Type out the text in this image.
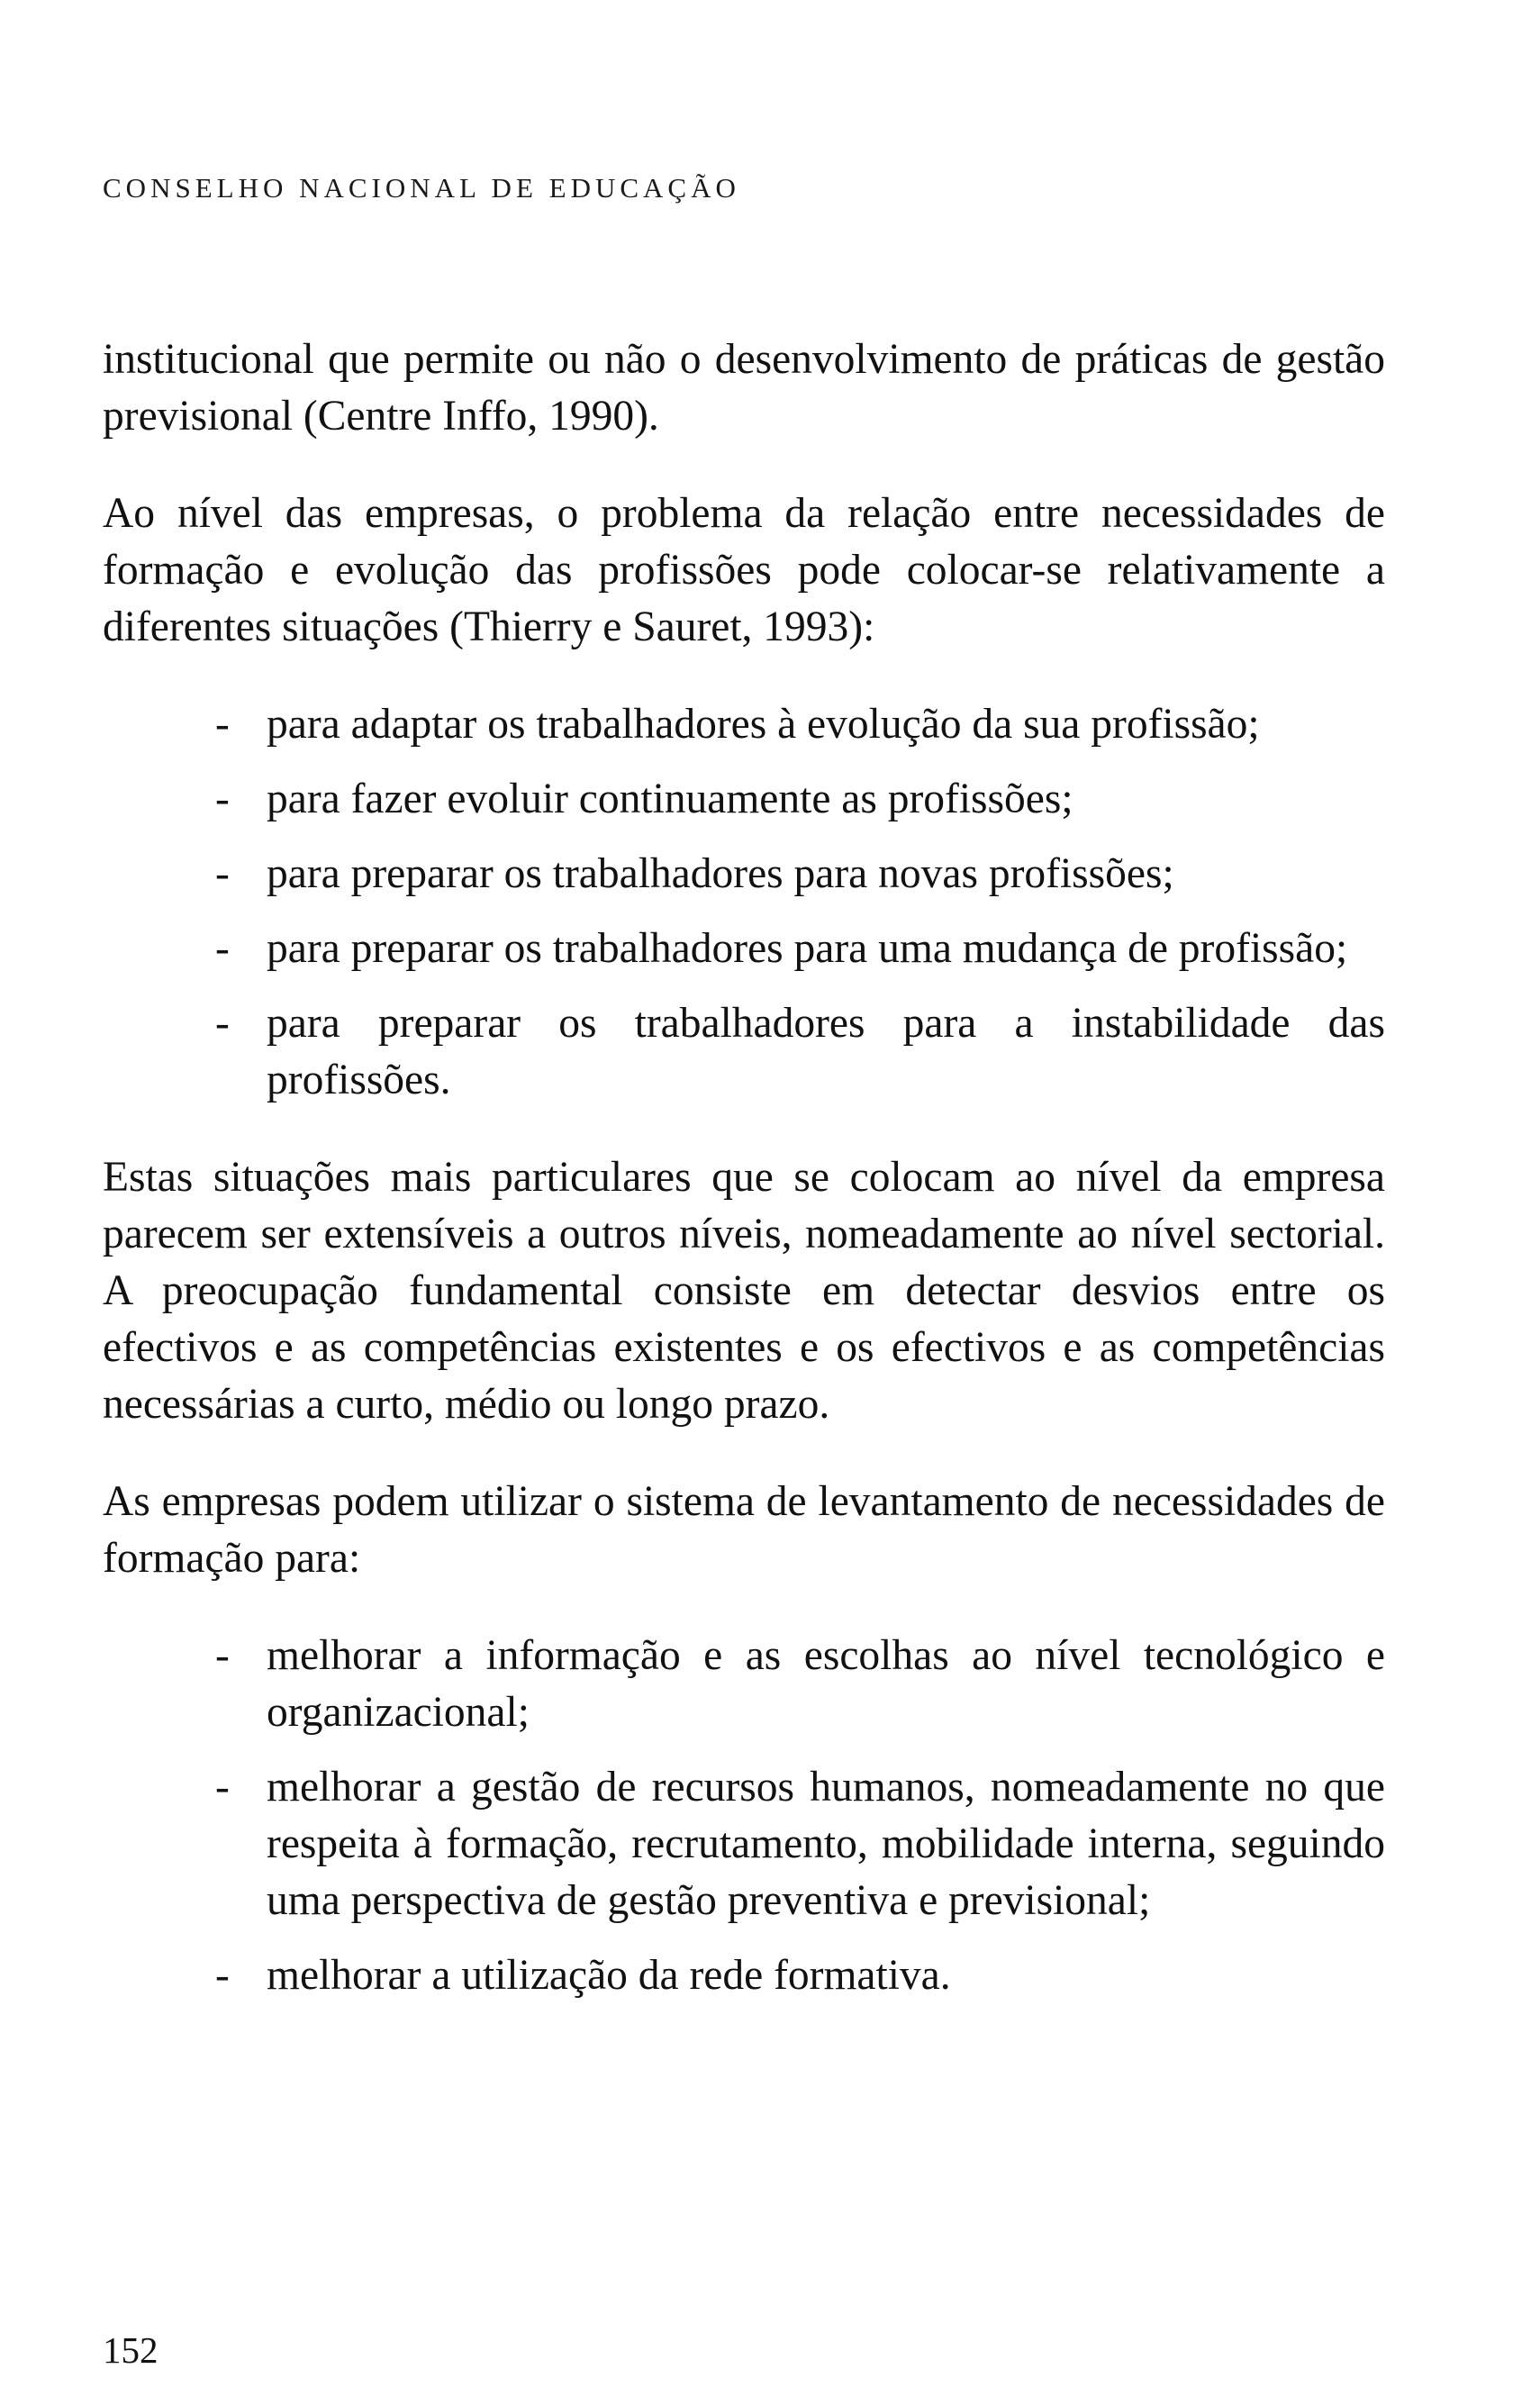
CONSELHO NACIONAL DE EDUCAÇÃO

institucional que permite ou não o desenvolvimento de práticas de gestão previsional (Centre Inffo, 1990).

Ao nível das empresas, o problema da relação entre necessidades de formação e evolução das profissões pode colocar-se relativamente a diferentes situações (Thierry e Sauret, 1993):

- para adaptar os trabalhadores à evolução da sua profissão;
- para fazer evoluir continuamente as profissões;
- para preparar os trabalhadores para novas profissões;
- para preparar os trabalhadores para uma mudança de profissão;
- para preparar os trabalhadores para a instabilidade das profissões.

Estas situações mais particulares que se colocam ao nível da empresa parecem ser extensíveis a outros níveis, nomeadamente ao nível sectorial. A preocupação fundamental consiste em detectar desvios entre os efectivos e as competências existentes e os efectivos e as competências necessárias a curto, médio ou longo prazo.

As empresas podem utilizar o sistema de levantamento de necessidades de formação para:

- melhorar a informação e as escolhas ao nível tecnológico e organizacional;
- melhorar a gestão de recursos humanos, nomeadamente no que respeita à formação, recrutamento, mobilidade interna, seguindo uma perspectiva de gestão preventiva e previsional;
- melhorar a utilização da rede formativa.
152
